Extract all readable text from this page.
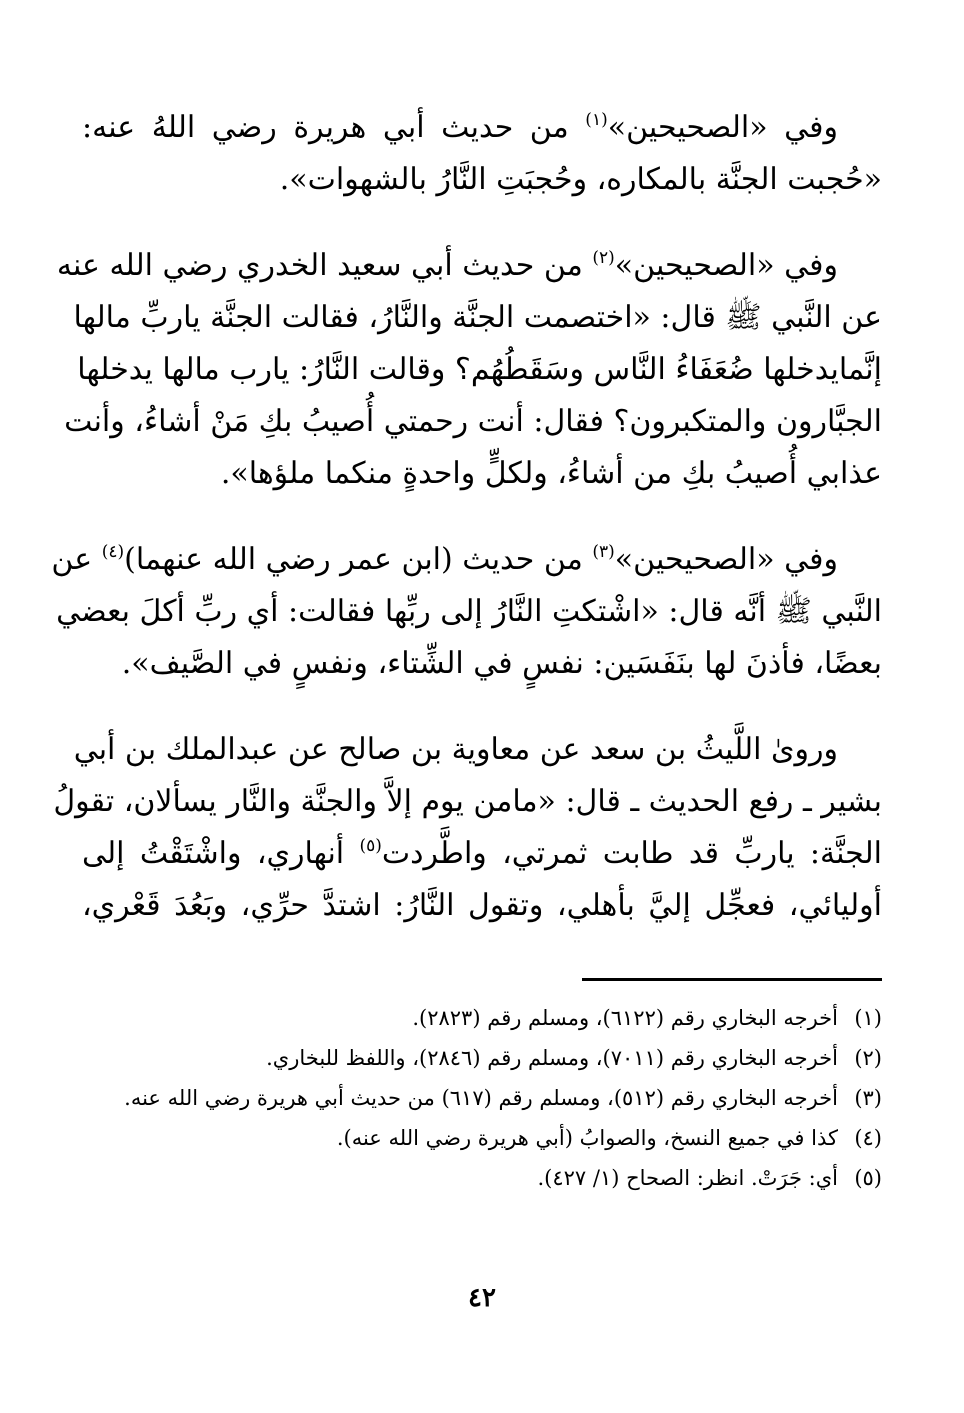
وفي «الصحيحين»$^{(١)}$ من حديث أبي هريرة رضي اللهُ عنه:
«حُجبت الجنَّة بالمكاره، وحُجبَتِ النَّارُ بالشهوات».

وفي «الصحيحين»$^{(٢)}$ من حديث أبي سعيد الخدري رضي الله عنه
عن النَّبي ﷺ قال: «اختصمت الجنَّة والنَّارُ، فقالت الجنَّة ياربِّ مالها
إنَّمايدخلها ضُعَفَاءُ النَّاس وسَقَطُهُم؟ وقالت النَّارُ: يارب مالها يدخلها
الجبَّارون والمتكبرون؟ فقال: أنت رحمتي أُصيبُ بكِ مَنْ أشاءُ، وأنت
عذابي أُصيبُ بكِ من أشاءُ، ولكلٍّ واحدةٍ منكما ملؤها».

وفي «الصحيحين»$^{(٣)}$ من حديث (ابن عمر رضي الله عنهما)$^{(٤)}$ عن
النَّبي ﷺ أنَّه قال: «اشْتكتِ النَّارُ إلى ربِّها فقالت: أي ربِّ أكلَ بعضي
بعضًا، فأذنَ لها بنَفَسَين: نفسٍ في الشِّتاء، ونفسٍ في الصَّيف».

وروىٰ اللَّيثُ بن سعد عن معاوية بن صالح عن عبدالملك بن أبي
بشير ـ رفع الحديث ـ قال: «مامن يوم إلاَّ والجنَّة والنَّار يسألان، تقولُ
الجنَّة: ياربِّ قد طابت ثمرتي، واطَّردت$^{(٥)}$ أنهاري، واشْتَقْتُ إلى
أوليائي، فعجِّل إليَّ بأهلي، وتقول النَّارُ: اشتدَّ حرِّي، وبَعُدَ قَعْري،

(١)
أخرجه البخاري رقم (٦١٢٢)، ومسلم رقم (٢٨٢٣).
(٢)
أخرجه البخاري رقم (٧٠١١)، ومسلم رقم (٢٨٤٦)، واللفظ للبخاري.
(٣)
أخرجه البخاري رقم (٥١٢)، ومسلم رقم (٦١٧) من حديث أبي هريرة رضي الله عنه.
(٤)
كذا في جميع النسخ، والصوابُ (أبي هريرة رضي الله عنه).
(٥)
أي: جَرَتْ. انظر: الصحاح (١/ ٤٢٧).
٤٢
